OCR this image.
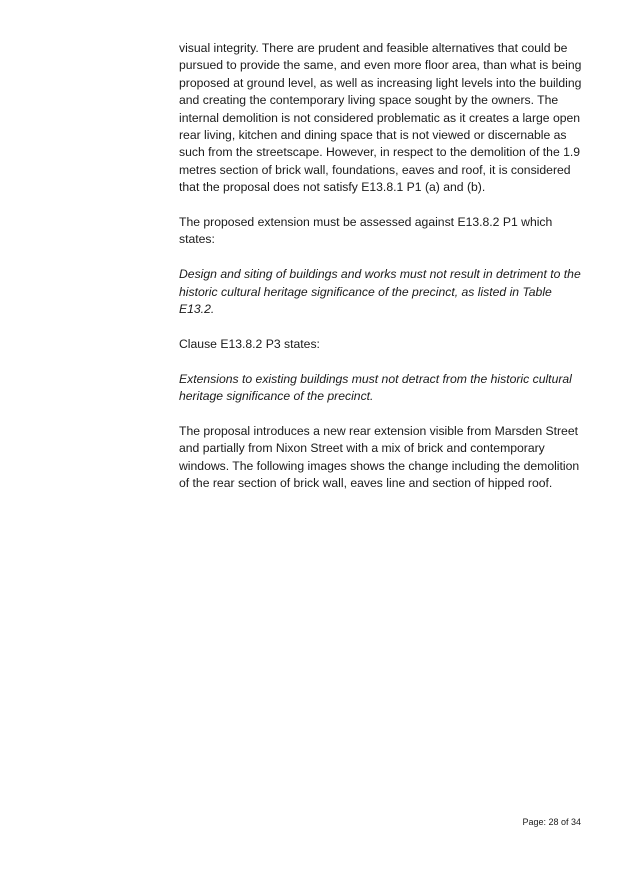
visual integrity. There are prudent and feasible alternatives that could be pursued to provide the same, and even more floor area, than what is being proposed at ground level, as well as increasing light levels into the building and creating the contemporary living space sought by the owners. The internal demolition is not considered problematic as it creates a large open rear living, kitchen and dining space that is not viewed or discernable as such from the streetscape. However, in respect to the demolition of the 1.9 metres section of brick wall, foundations, eaves and roof, it is considered that the proposal does not satisfy E13.8.1 P1 (a) and (b).

The proposed extension must be assessed against E13.8.2 P1 which states:

Design and siting of buildings and works must not result in detriment to the historic cultural heritage significance of the precinct, as listed in Table E13.2.

Clause E13.8.2 P3 states:

Extensions to existing buildings must not detract from the historic cultural heritage significance of the precinct.

The proposal introduces a new rear extension visible from Marsden Street and partially from Nixon Street with a mix of brick and contemporary windows. The following images shows the change including the demolition of the rear section of brick wall, eaves line and section of hipped roof.

Page: 28 of 34
